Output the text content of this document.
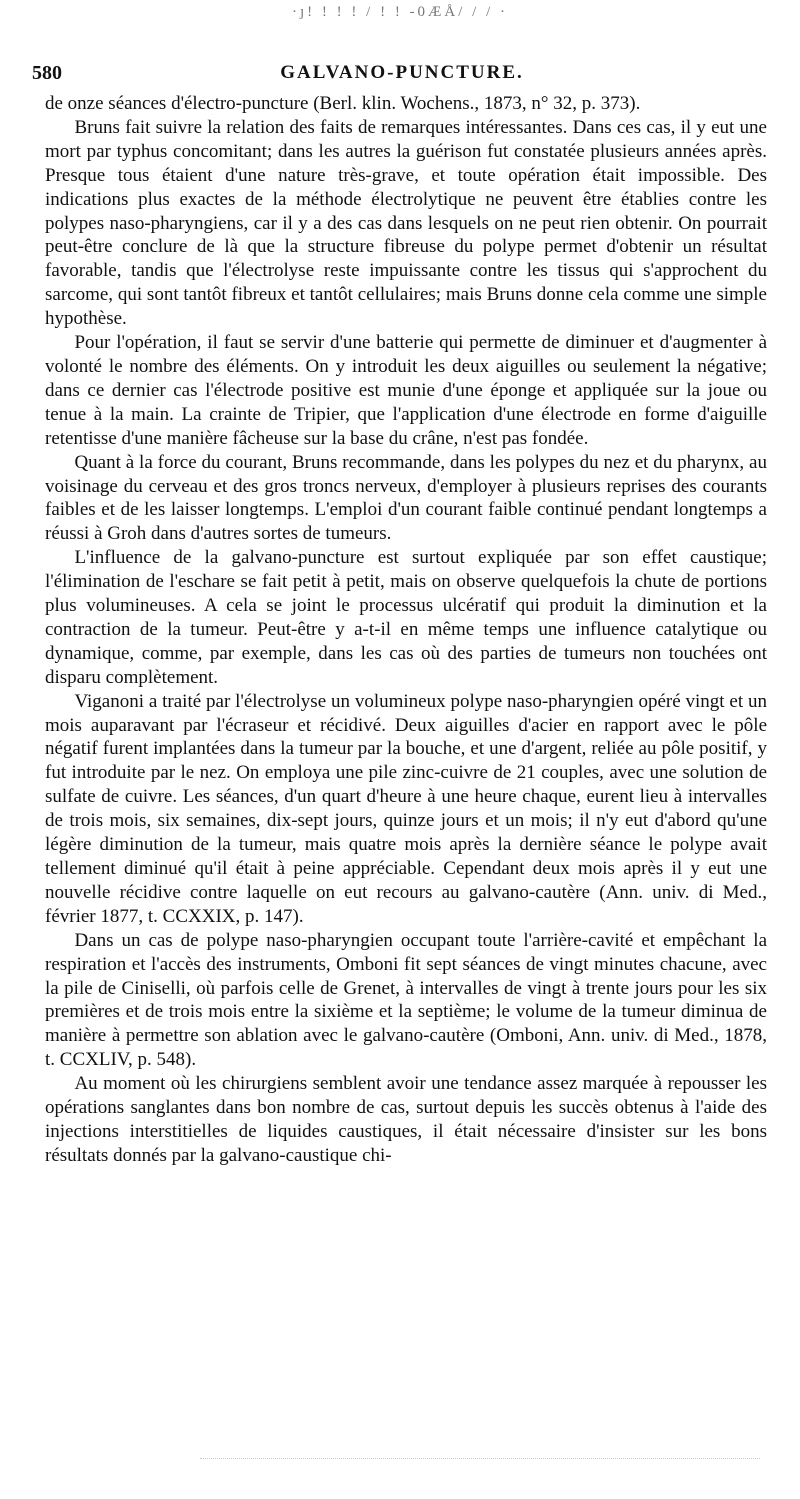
·ȷ! ! ! ! / ! ! -0ÆÅ/ / / ·
580	GALVANO-PUNCTURE.

de onze séances d'électro-puncture (Berl. klin. Wochens., 1873, n° 32, p. 373).

Bruns fait suivre la relation des faits de remarques intéressantes. Dans ces cas, il y eut une mort par typhus concomitant; dans les autres la guérison fut constatée plusieurs années après. Presque tous étaient d'une nature très-grave, et toute opération était impossible. Des indications plus exactes de la méthode électrolytique ne peuvent être établies contre les polypes naso-pharyngiens, car il y a des cas dans lesquels on ne peut rien obtenir. On pourrait peut-être conclure de là que la structure fibreuse du polype permet d'obtenir un résultat favorable, tandis que l'électrolyse reste impuissante contre les tissus qui s'approchent du sarcome, qui sont tantôt fibreux et tantôt cellulaires; mais Bruns donne cela comme une simple hypothèse.

Pour l'opération, il faut se servir d'une batterie qui permette de diminuer et d'augmenter à volonté le nombre des éléments. On y introduit les deux aiguilles ou seulement la négative; dans ce dernier cas l'électrode positive est munie d'une éponge et appliquée sur la joue ou tenue à la main. La crainte de Tripier, que l'application d'une électrode en forme d'aiguille retentisse d'une manière fâcheuse sur la base du crâne, n'est pas fondée.

Quant à la force du courant, Bruns recommande, dans les polypes du nez et du pharynx, au voisinage du cerveau et des gros troncs nerveux, d'employer à plusieurs reprises des courants faibles et de les laisser longtemps. L'emploi d'un courant faible continué pendant longtemps a réussi à Groh dans d'autres sortes de tumeurs.

L'influence de la galvano-puncture est surtout expliquée par son effet caustique; l'élimination de l'eschare se fait petit à petit, mais on observe quelquefois la chute de portions plus volumineuses. A cela se joint le processus ulcératif qui produit la diminution et la contraction de la tumeur. Peut-être y a-t-il en même temps une influence catalytique ou dynamique, comme, par exemple, dans les cas où des parties de tumeurs non touchées ont disparu complètement.

Viganoni a traité par l'électrolyse un volumineux polype naso-pharyngien opéré vingt et un mois auparavant par l'écraseur et récidivé. Deux aiguilles d'acier en rapport avec le pôle négatif furent implantées dans la tumeur par la bouche, et une d'argent, reliée au pôle positif, y fut introduite par le nez. On employa une pile zinc-cuivre de 21 couples, avec une solution de sulfate de cuivre. Les séances, d'un quart d'heure à une heure chaque, eurent lieu à intervalles de trois mois, six semaines, dix-sept jours, quinze jours et un mois; il n'y eut d'abord qu'une légère diminution de la tumeur, mais quatre mois après la dernière séance le polype avait tellement diminué qu'il était à peine appréciable. Cependant deux mois après il y eut une nouvelle récidive contre laquelle on eut recours au galvano-cautère (Ann. univ. di Med., février 1877, t. CCXXIX, p. 147).

Dans un cas de polype naso-pharyngien occupant toute l'arrière-cavité et empêchant la respiration et l'accès des instruments, Omboni fit sept séances de vingt minutes chacune, avec la pile de Ciniselli, où parfois celle de Grenet, à intervalles de vingt à trente jours pour les six premières et de trois mois entre la sixième et la septième; le volume de la tumeur diminua de manière à permettre son ablation avec le galvano-cautère (Omboni, Ann. univ. di Med., 1878, t. CCXLIV, p. 548).

Au moment où les chirurgiens semblent avoir une tendance assez marquée à repousser les opérations sanglantes dans bon nombre de cas, surtout depuis les succès obtenus à l'aide des injections interstitielles de liquides caustiques, il était nécessaire d'insister sur les bons résultats donnés par la galvano-caustique chi-
